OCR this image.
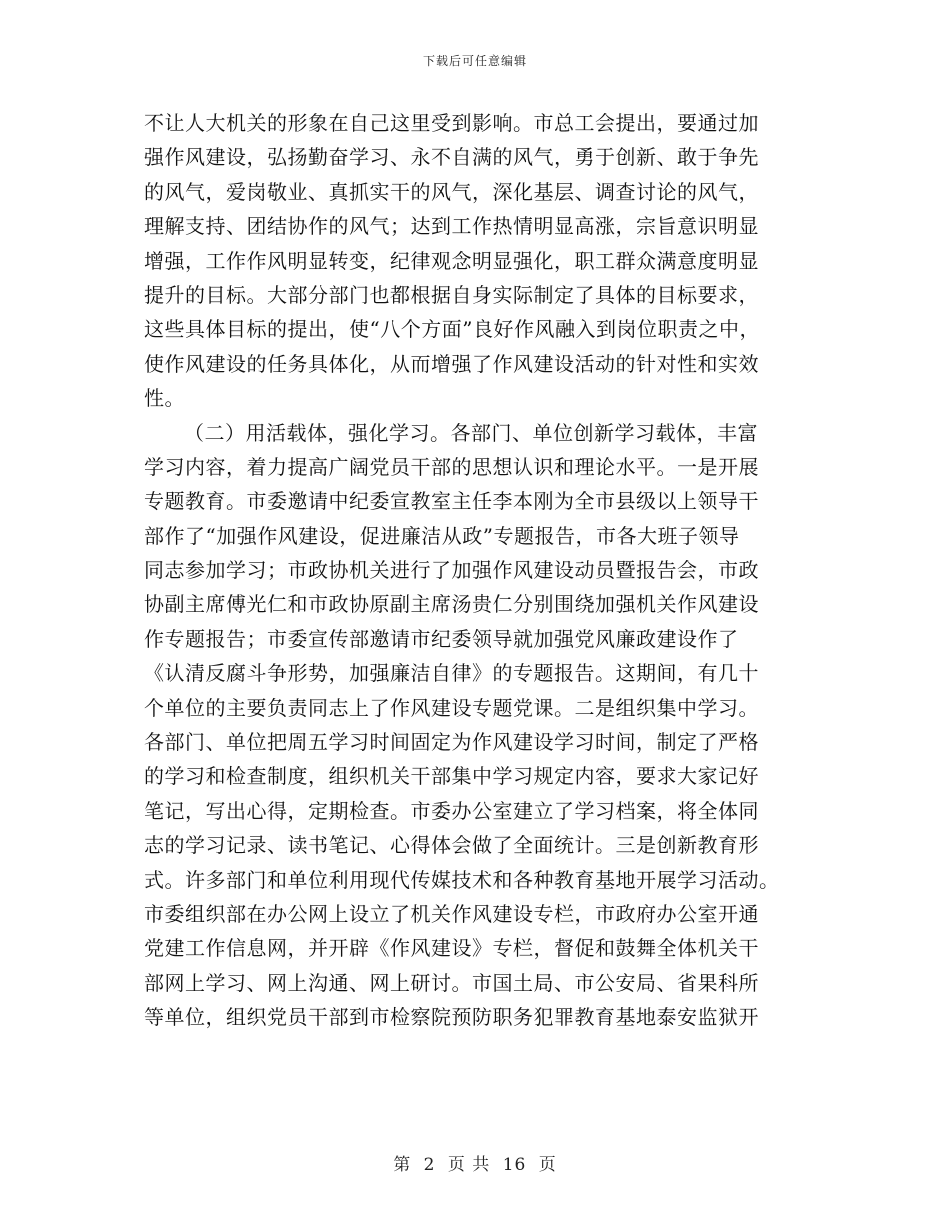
下载后可任意编辑
不让人大机关的形象在自己这里受到影响。市总工会提出，要通过加
强作风建设，弘扬勤奋学习、永不自满的风气，勇于创新、敢于争先
的风气，爱岗敬业、真抓实干的风气，深化基层、调查讨论的风气，
理解支持、团结协作的风气；达到工作热情明显高涨，宗旨意识明显
增强，工作作风明显转变，纪律观念明显强化，职工群众满意度明显
提升的目标。大部分部门也都根据自身实际制定了具体的目标要求，
这些具体目标的提出，使“八个方面”良好作风融入到岗位职责之中，
使作风建设的任务具体化，从而增强了作风建设活动的针对性和实效
性。
（二）用活载体，强化学习。各部门、单位创新学习载体，丰富
学习内容，着力提高广阔党员干部的思想认识和理论水平。一是开展
专题教育。市委邀请中纪委宣教室主任李本刚为全市县级以上领导干
部作了“加强作风建设，促进廉洁从政”专题报告，市各大班子领导
同志参加学习；市政协机关进行了加强作风建设动员暨报告会，市政
协副主席傅光仁和市政协原副主席汤贵仁分别围绕加强机关作风建设
作专题报告；市委宣传部邀请市纪委领导就加强党风廉政建设作了
《认清反腐斗争形势，加强廉洁自律》的专题报告。这期间，有几十
个单位的主要负责同志上了作风建设专题党课。二是组织集中学习。
各部门、单位把周五学习时间固定为作风建设学习时间，制定了严格
的学习和检查制度，组织机关干部集中学习规定内容，要求大家记好
笔记，写出心得，定期检查。市委办公室建立了学习档案，将全体同
志的学习记录、读书笔记、心得体会做了全面统计。三是创新教育形
式。许多部门和单位利用现代传媒技术和各种教育基地开展学习活动。
市委组织部在办公网上设立了机关作风建设专栏，市政府办公室开通
党建工作信息网，并开辟《作风建设》专栏，督促和鼓舞全体机关干
部网上学习、网上沟通、网上研讨。市国土局、市公安局、省果科所
等单位，组织党员干部到市检察院预防职务犯罪教育基地泰安监狱开
第 2 页 共 16 页
